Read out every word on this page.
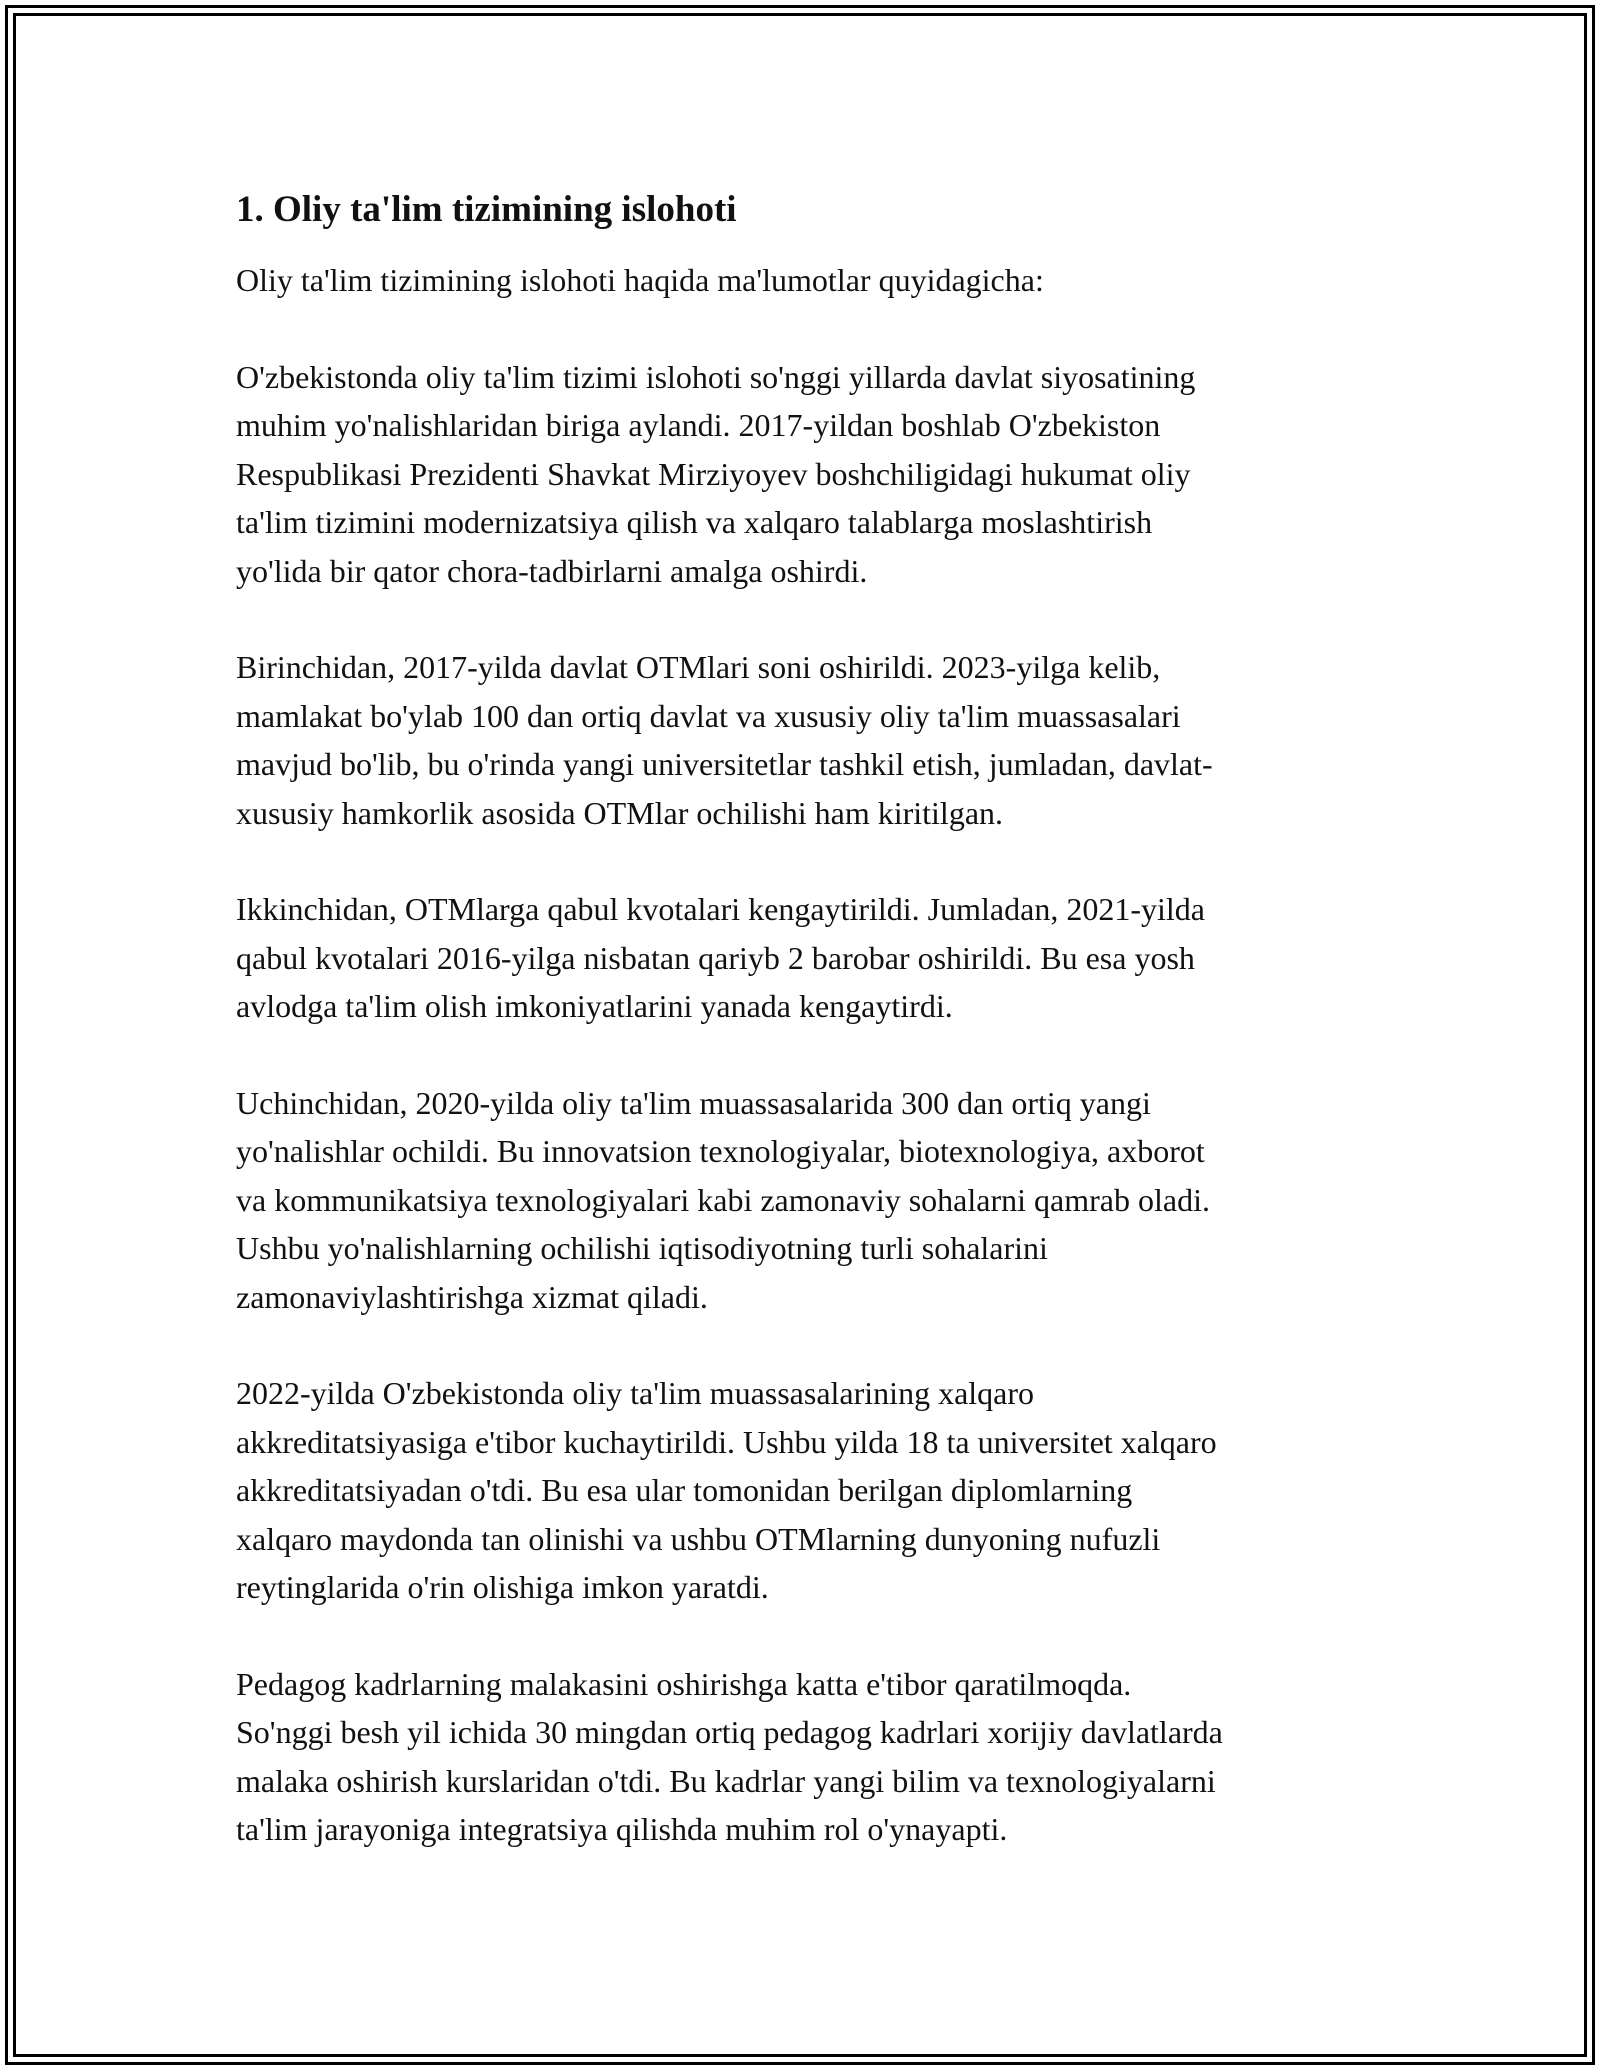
1. Oliy ta'lim tizimining islohoti

Oliy ta'lim tizimining islohoti haqida ma'lumotlar quyidagicha:

O'zbekistonda oliy ta'lim tizimi islohoti so'nggi yillarda davlat siyosatining
muhim yo'nalishlaridan biriga aylandi. 2017-yildan boshlab O'zbekiston
Respublikasi Prezidenti Shavkat Mirziyoyev boshchiligidagi hukumat oliy
ta'lim tizimini modernizatsiya qilish va xalqaro talablarga moslashtirish
yo'lida bir qator chora-tadbirlarni amalga oshirdi.

Birinchidan, 2017-yilda davlat OTMlari soni oshirildi. 2023-yilga kelib,
mamlakat bo'ylab 100 dan ortiq davlat va xususiy oliy ta'lim muassasalari
mavjud bo'lib, bu o'rinda yangi universitetlar tashkil etish, jumladan, davlat-
xususiy hamkorlik asosida OTMlar ochilishi ham kiritilgan.

Ikkinchidan, OTMlarga qabul kvotalari kengaytirildi. Jumladan, 2021-yilda
qabul kvotalari 2016-yilga nisbatan qariyb 2 barobar oshirildi. Bu esa yosh
avlodga ta'lim olish imkoniyatlarini yanada kengaytirdi.

Uchinchidan, 2020-yilda oliy ta'lim muassasalarida 300 dan ortiq yangi
yo'nalishlar ochildi. Bu innovatsion texnologiyalar, biotexnologiya, axborot
va kommunikatsiya texnologiyalari kabi zamonaviy sohalarni qamrab oladi.
Ushbu yo'nalishlarning ochilishi iqtisodiyotning turli sohalarini
zamonaviylashtirishga xizmat qiladi.

2022-yilda O'zbekistonda oliy ta'lim muassasalarining xalqaro
akkreditatsiyasiga e'tibor kuchaytirildi. Ushbu yilda 18 ta universitet xalqaro
akkreditatsiyadan o'tdi. Bu esa ular tomonidan berilgan diplomlarning
xalqaro maydonda tan olinishi va ushbu OTMlarning dunyoning nufuzli
reytinglarida o'rin olishiga imkon yaratdi.

Pedagog kadrlarning malakasini oshirishga katta e'tibor qaratilmoqda.
So'nggi besh yil ichida 30 mingdan ortiq pedagog kadrlari xorijiy davlatlarda
malaka oshirish kurslaridan o'tdi. Bu kadrlar yangi bilim va texnologiyalarni
ta'lim jarayoniga integratsiya qilishda muhim rol o'ynayapti.
